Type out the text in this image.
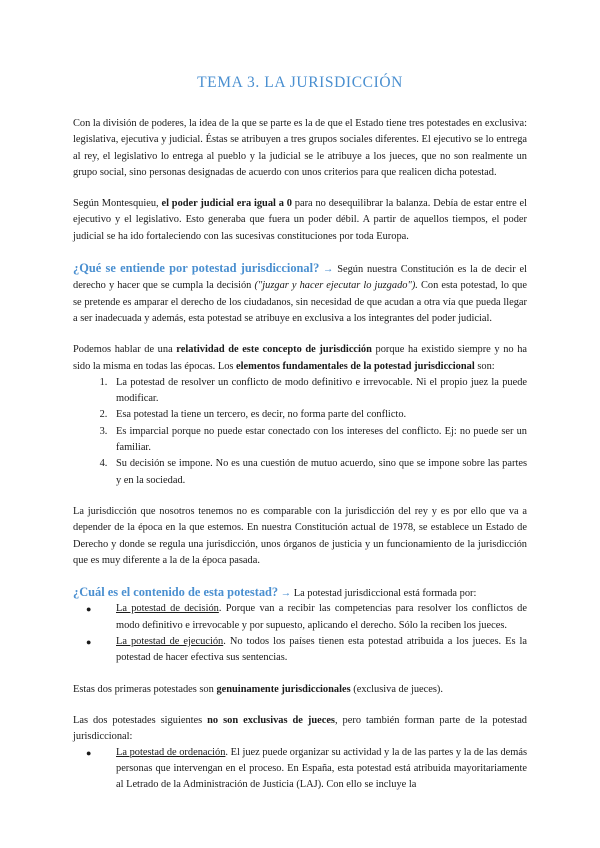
TEMA 3. LA JURISDICCIÓN

Con la división de poderes, la idea de la que se parte es la de que el Estado tiene tres potestades en exclusiva: legislativa, ejecutiva y judicial. Éstas se atribuyen a tres grupos sociales diferentes. El ejecutivo se lo entrega al rey, el legislativo lo entrega al pueblo y la judicial se le atribuye a los jueces, que no son realmente un grupo social, sino personas designadas de acuerdo con unos criterios para que realicen dicha potestad.

Según Montesquieu, el poder judicial era igual a 0 para no desequilibrar la balanza. Debía de estar entre el ejecutivo y el legislativo. Esto generaba que fuera un poder débil. A partir de aquellos tiempos, el poder judicial se ha ido fortaleciendo con las sucesivas constituciones por toda Europa.

¿Qué se entiende por potestad jurisdiccional? → Según nuestra Constitución es la de decir el derecho y hacer que se cumpla la decisión ("juzgar y hacer ejecutar lo juzgado"). Con esta potestad, lo que se pretende es amparar el derecho de los ciudadanos, sin necesidad de que acudan a otra vía que pueda llegar a ser inadecuada y además, esta potestad se atribuye en exclusiva a los integrantes del poder judicial.

Podemos hablar de una relatividad de este concepto de jurisdicción porque ha existido siempre y no ha sido la misma en todas las épocas. Los elementos fundamentales de la potestad jurisdiccional son:

1. La potestad de resolver un conflicto de modo definitivo e irrevocable. Ni el propio juez la puede modificar.
2. Esa potestad la tiene un tercero, es decir, no forma parte del conflicto.
3. Es imparcial porque no puede estar conectado con los intereses del conflicto. Ej: no puede ser un familiar.
4. Su decisión se impone. No es una cuestión de mutuo acuerdo, sino que se impone sobre las partes y en la sociedad.

La jurisdicción que nosotros tenemos no es comparable con la jurisdicción del rey y es por ello que va a depender de la época en la que estemos. En nuestra Constitución actual de 1978, se establece un Estado de Derecho y donde se regula una jurisdicción, unos órganos de justicia y un funcionamiento de la jurisdicción que es muy diferente a la de la época pasada.

¿Cuál es el contenido de esta potestad? → La potestad jurisdiccional está formada por:

● La potestad de decisión. Porque van a recibir las competencias para resolver los conflictos de modo definitivo e irrevocable y por supuesto, aplicando el derecho. Sólo la reciben los jueces.
● La potestad de ejecución. No todos los países tienen esta potestad atribuida a los jueces. Es la potestad de hacer efectiva sus sentencias.

Estas dos primeras potestades son genuinamente jurisdiccionales (exclusiva de jueces).

Las dos potestades siguientes no son exclusivas de jueces, pero también forman parte de la potestad jurisdiccional:

● La potestad de ordenación. El juez puede organizar su actividad y la de las partes y la de las demás personas que intervengan en el proceso. En España, esta potestad está atribuida mayoritariamente al Letrado de la Administración de Justicia (LAJ). Con ello se incluye la
